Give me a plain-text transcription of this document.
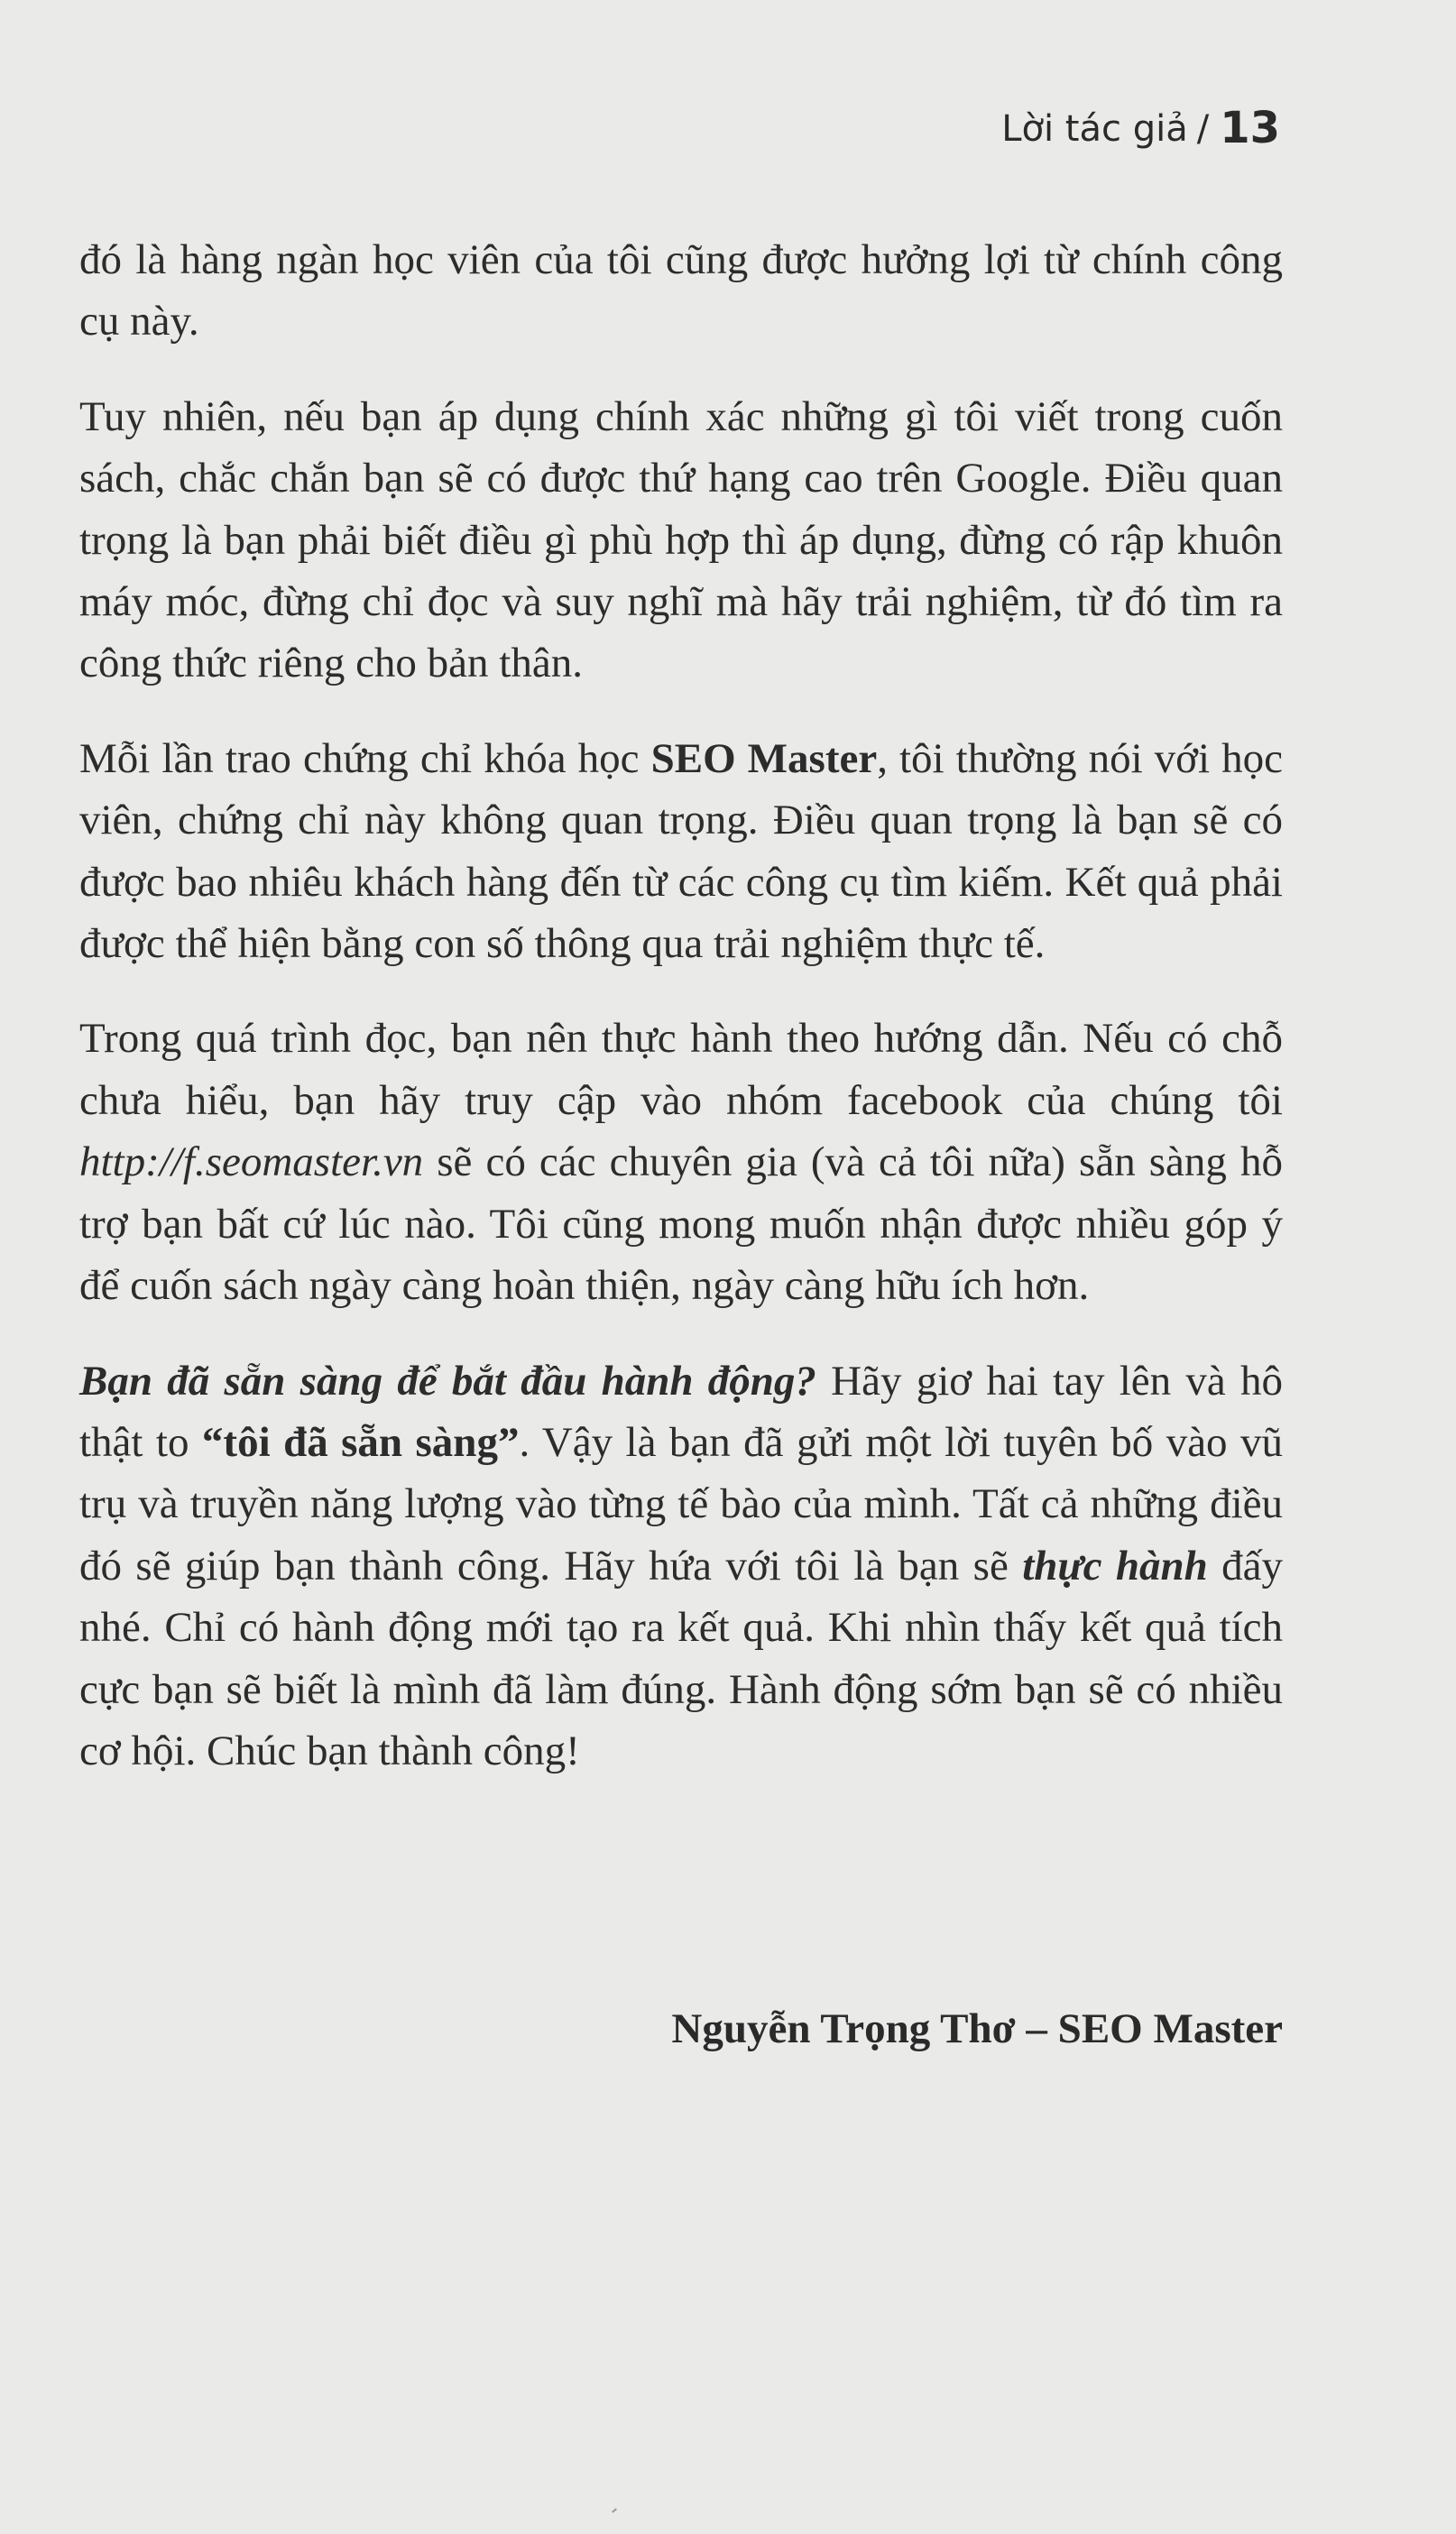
Lời tác giả / 13

đó là hàng ngàn học viên của tôi cũng được hưởng lợi từ chính công cụ này.

Tuy nhiên, nếu bạn áp dụng chính xác những gì tôi viết trong cuốn sách, chắc chắn bạn sẽ có được thứ hạng cao trên Google. Điều quan trọng là bạn phải biết điều gì phù hợp thì áp dụng, đừng có rập khuôn máy móc, đừng chỉ đọc và suy nghĩ mà hãy trải nghiệm, từ đó tìm ra công thức riêng cho bản thân.

Mỗi lần trao chứng chỉ khóa học SEO Master, tôi thường nói với học viên, chứng chỉ này không quan trọng. Điều quan trọng là bạn sẽ có được bao nhiêu khách hàng đến từ các công cụ tìm kiếm. Kết quả phải được thể hiện bằng con số thông qua trải nghiệm thực tế.

Trong quá trình đọc, bạn nên thực hành theo hướng dẫn. Nếu có chỗ chưa hiểu, bạn hãy truy cập vào nhóm facebook của chúng tôi http://f.seomaster.vn sẽ có các chuyên gia (và cả tôi nữa) sẵn sàng hỗ trợ bạn bất cứ lúc nào. Tôi cũng mong muốn nhận được nhiều góp ý để cuốn sách ngày càng hoàn thiện, ngày càng hữu ích hơn.

Bạn đã sẵn sàng để bắt đầu hành động? Hãy giơ hai tay lên và hô thật to “tôi đã sẵn sàng”. Vậy là bạn đã gửi một lời tuyên bố vào vũ trụ và truyền năng lượng vào từng tế bào của mình. Tất cả những điều đó sẽ giúp bạn thành công. Hãy hứa với tôi là bạn sẽ thực hành đấy nhé. Chỉ có hành động mới tạo ra kết quả. Khi nhìn thấy kết quả tích cực bạn sẽ biết là mình đã làm đúng. Hành động sớm bạn sẽ có nhiều cơ hội. Chúc bạn thành công!

Nguyễn Trọng Thơ – SEO Master
